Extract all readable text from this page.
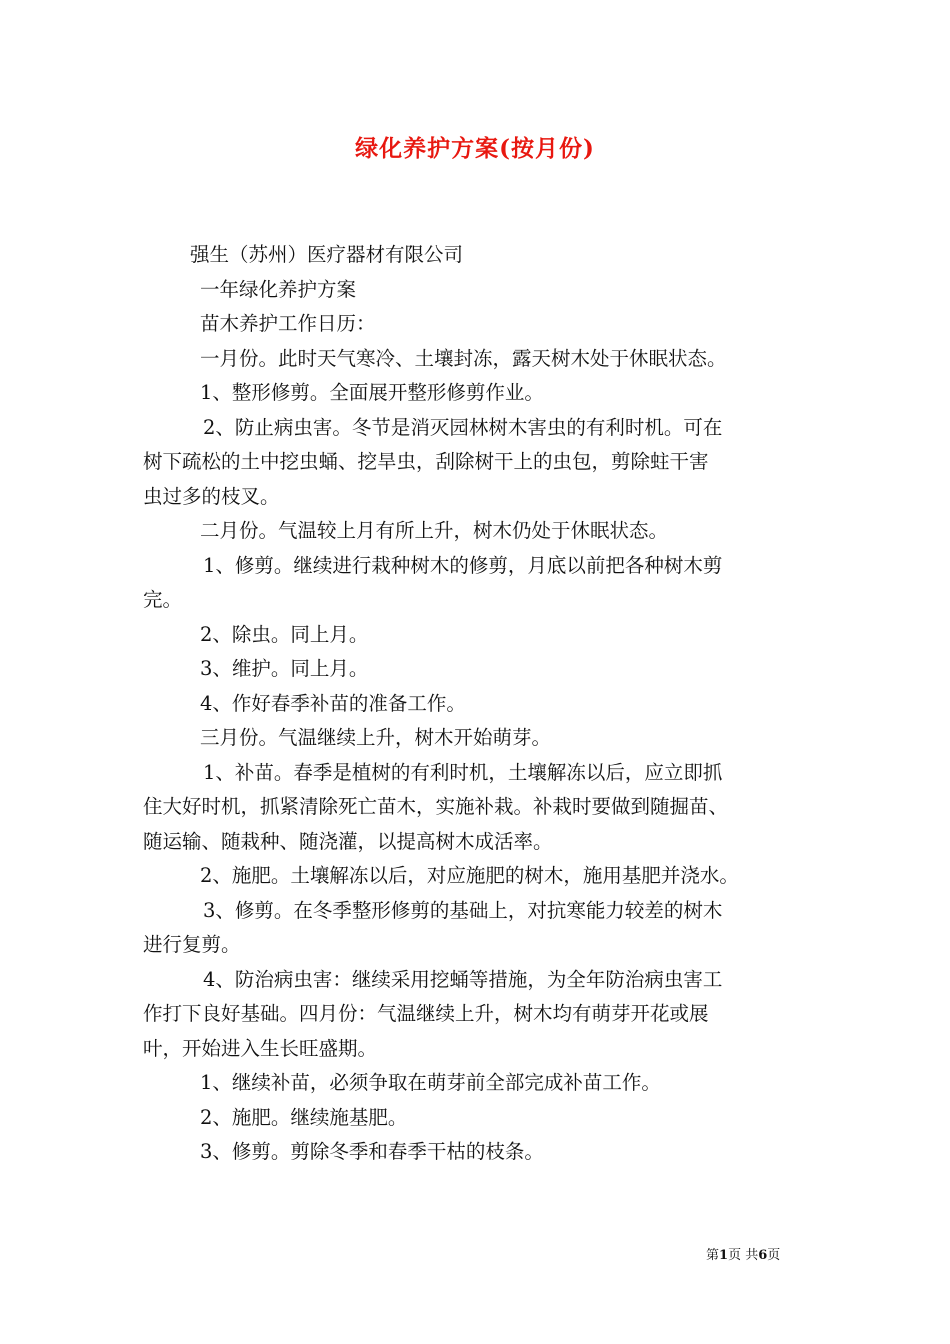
绿化养护方案(按月份)

强生（苏州）医疗器材有限公司

一年绿化养护方案

苗木养护工作日历：

一月份。此时天气寒冷、土壤封冻，露天树木处于休眠状态。

1、整形修剪。全面展开整形修剪作业。

2、防止病虫害。冬节是消灭园林树木害虫的有利时机。可在

树下疏松的土中挖虫蛹、挖旱虫，刮除树干上的虫包，剪除蛀干害

虫过多的枝叉。

二月份。气温较上月有所上升，树木仍处于休眠状态。

1、修剪。继续进行栽种树木的修剪，月底以前把各种树木剪

完。

2、除虫。同上月。

3、维护。同上月。

4、作好春季补苗的准备工作。

三月份。气温继续上升，树木开始萌芽。

1、补苗。春季是植树的有利时机，土壤解冻以后，应立即抓

住大好时机，抓紧清除死亡苗木，实施补栽。补栽时要做到随掘苗、

随运输、随栽种、随浇灌，以提高树木成活率。

2、施肥。土壤解冻以后，对应施肥的树木，施用基肥并浇水。

3、修剪。在冬季整形修剪的基础上，对抗寒能力较差的树木

进行复剪。

4、防治病虫害：继续采用挖蛹等措施，为全年防治病虫害工

作打下良好基础。四月份：气温继续上升，树木均有萌芽开花或展

叶，开始进入生长旺盛期。

1、继续补苗，必须争取在萌芽前全部完成补苗工作。

2、施肥。继续施基肥。

3、修剪。剪除冬季和春季干枯的枝条。

第1页 共6页
